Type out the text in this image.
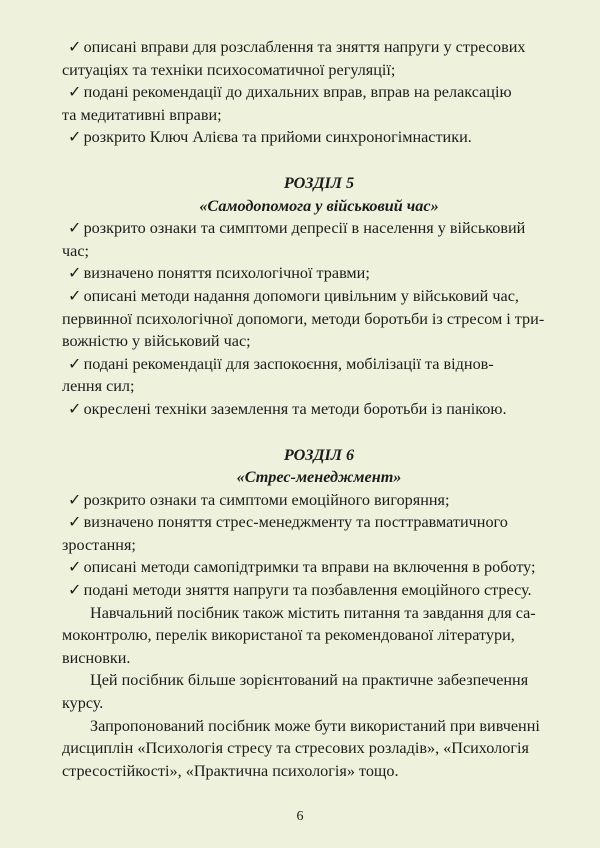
✓ описані вправи для розслаблення та зняття напруги у стресових

ситуаціях та техніки психосоматичної регуляції;

✓ подані рекомендації до дихальних вправ, вправ на релаксацію

та медитативні вправи;

✓ розкрито Ключ Алієва та прийоми синхроногімнастики.

РОЗДІЛ 5

«Самодопомога у військовий час»

✓ розкрито ознаки та симптоми депресії в населення у військовий

час;

✓ визначено поняття психологічної травми;

✓ описані методи надання допомоги цивільним у військовий час,

первинної психологічної допомоги, методи боротьби із стресом і три-

вожністю у військовий час;

✓ подані рекомендації для заспокоєння, мобілізації та віднов-

лення сил;

✓ окреслені техніки заземлення та методи боротьби із панікою.

РОЗДІЛ 6

«Стрес-менеджмент»

✓ розкрито ознаки та симптоми емоційного вигоряння;

✓ визначено поняття стрес-менеджменту та посттравматичного

зростання;

✓ описані методи самопідтримки та вправи на включення в роботу;

✓ подані методи зняття напруги та позбавлення емоційного стресу.

Навчальний посібник також містить питання та завдання для са-

моконтролю, перелік використаної та рекомендованої літератури,

висновки.

Цей посібник більше зорієнтований на практичне забезпечення

курсу.

Запропонований посібник може бути використаний при вивченні

дисциплін «Психологія стресу та стресових розладів», «Психологія

стресостійкості», «Практична психологія» тощо.

6
